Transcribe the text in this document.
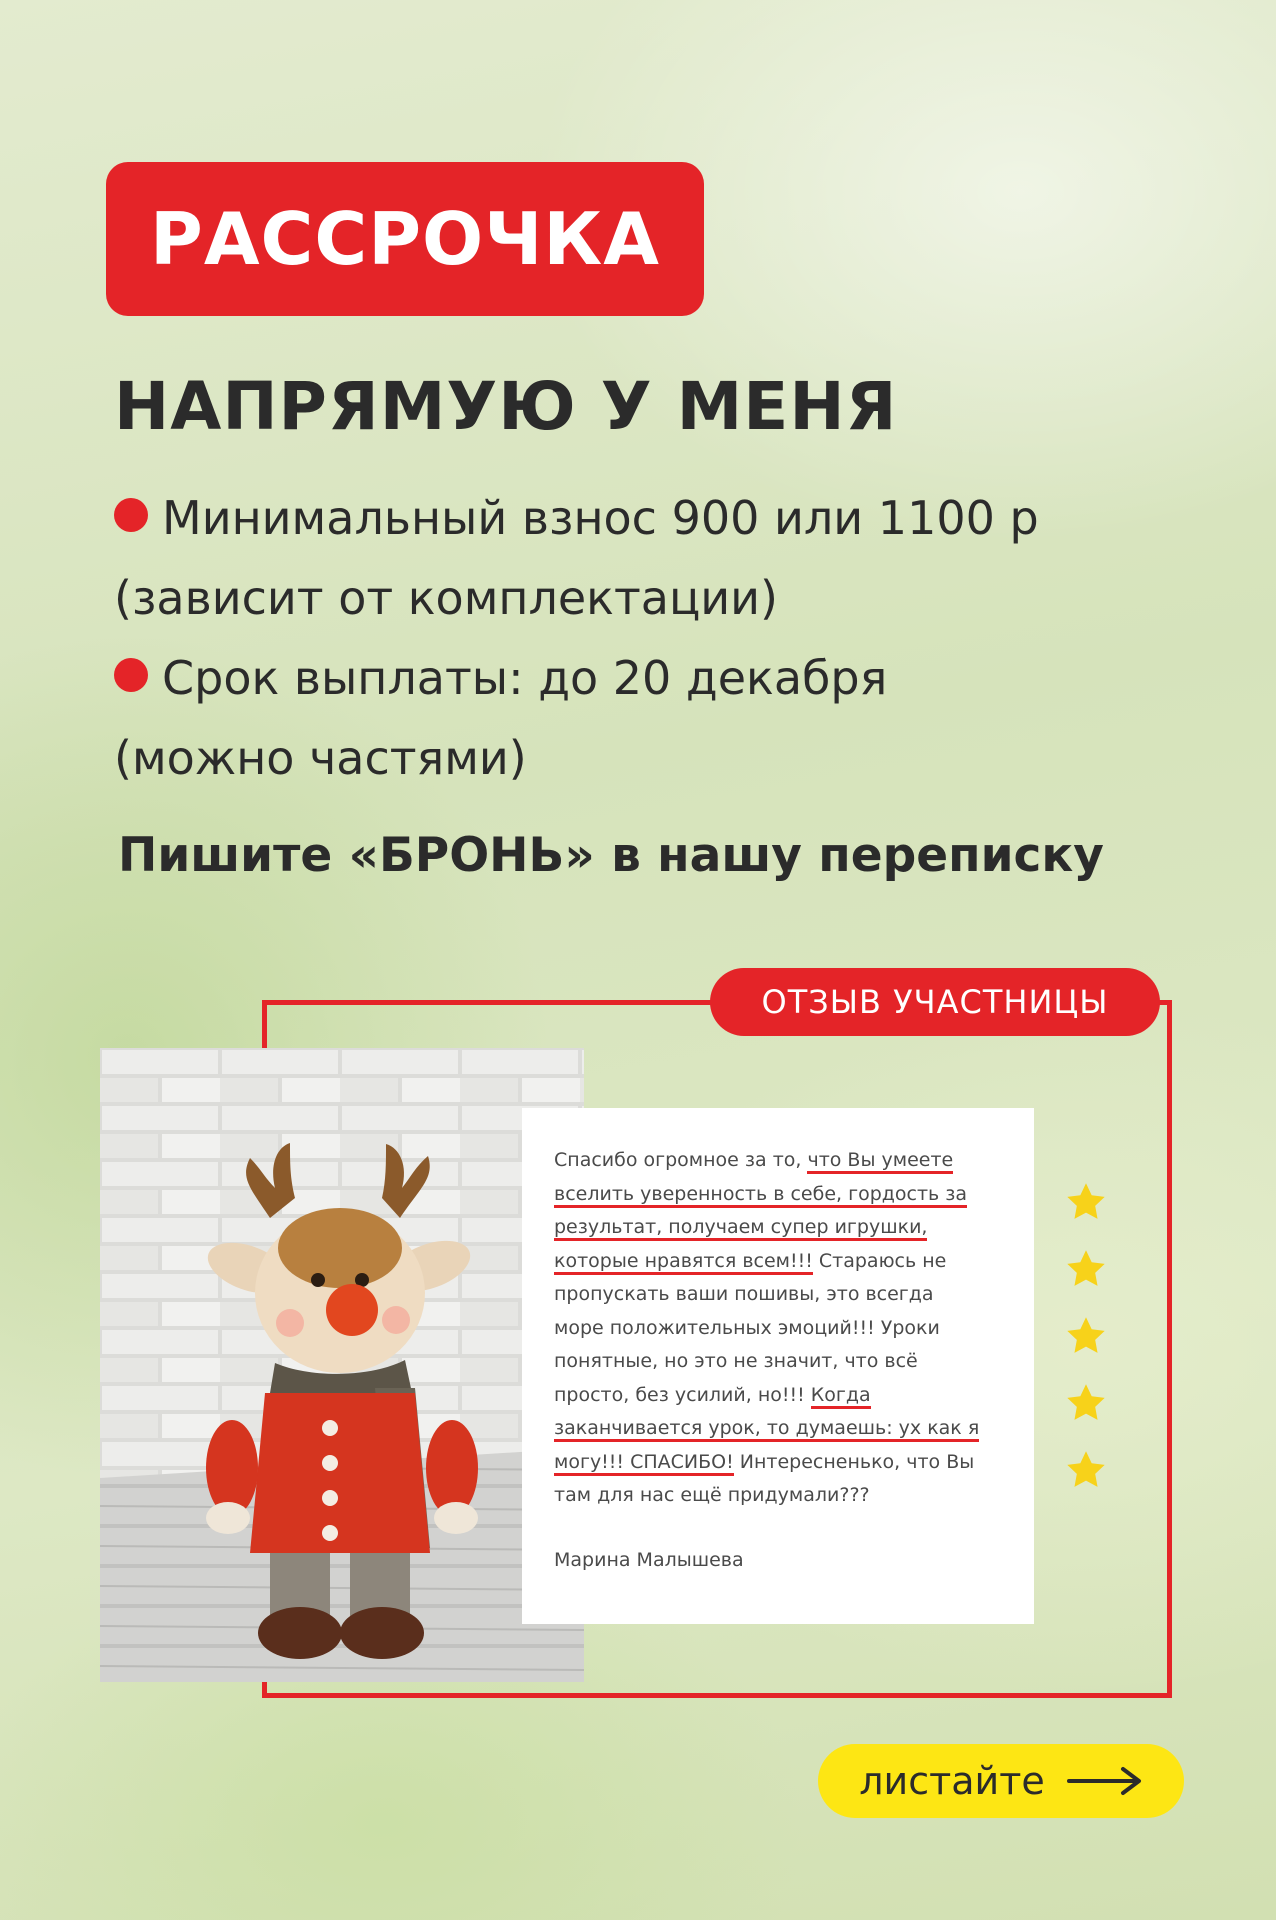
РАССРОЧКА
НАПРЯМУЮ У МЕНЯ
Минимальный взнос 900 или 1100 р
(зависит от комплектации)
Срок выплаты: до 20 декабря
(можно частями)
Пишите «БРОНЬ» в нашу переписку
ОТЗЫВ УЧАСТНИЦЫ
Спасибо огромное за то, что Вы умеете
вселить уверенность в себе, гордость за
результат, получаем супер игрушки,
которые нравятся всем!!! Стараюсь не
пропускать ваши пошивы, это всегда
море положительных эмоций!!! Уроки
понятные, но это не значит, что всё
просто, без усилий, но!!! Когда
заканчивается урок, то думаешь: ух как я
могу!!! СПАСИБО! Интересненько, что Вы
там для нас ещё придумали???
Марина Малышева
листайте
